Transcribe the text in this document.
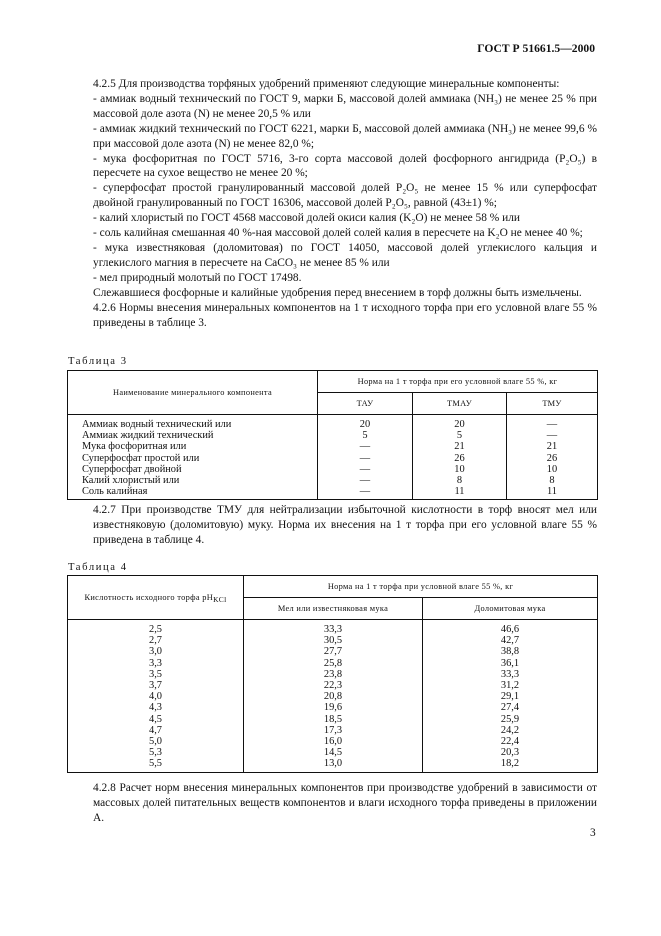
ГОСТ Р 51661.5—2000

4.2.5 Для производства торфяных удобрений применяют следующие минеральные компоненты:

- аммиак водный технический по ГОСТ 9, марки Б, массовой долей аммиака (NH₃) не менее 25 % при массовой доле азота (N) не менее 20,5 % или

- аммиак жидкий технический по ГОСТ 6221, марки Б, массовой долей аммиака (NH₃) не менее 99,6 % при массовой доле азота (N) не менее 82,0 %;

- мука фосфоритная по ГОСТ 5716, 3-го сорта массовой долей фосфорного ангидрида (P₂O₅) в пересчете на сухое вещество не менее 20 %;

- суперфосфат простой гранулированный массовой долей P₂O₅ не менее 15 % или суперфосфат двойной гранулированный по ГОСТ 16306, массовой долей P₂O₅, равной (43±1) %;

- калий хлористый по ГОСТ 4568 массовой долей окиси калия (K₂O) не менее 58 % или

- соль калийная смешанная 40 %-ная массовой долей солей калия в пересчете на K₂O не менее 40 %;

- мука известняковая (доломитовая) по ГОСТ 14050, массовой долей углекислого кальция и углекислого магния в пересчете на CaCO₃ не менее 85 % или

- мел природный молотый по ГОСТ 17498.

Слежавшиеся фосфорные и калийные удобрения перед внесением в торф должны быть измельчены.

4.2.6 Нормы внесения минеральных компонентов на 1 т исходного торфа при его условной влаге 55 % приведены в таблице 3.

Таблица 3
Наименование минерального компонента	Норма на 1 т торфа при его условной влаге 55 %, кг		
	ТАУ	ТМАУ	ТМУ
Аммиак водный технический или	20	20	—
Аммиак жидкий технический	5	5	—
Мука фосфоритная или	—	21	21
Суперфосфат простой или	—	26	26
Суперфосфат двойной	—	10	10
Калий хлористый или	—	8	8
Соль калийная	—	11	11

4.2.7 При производстве ТМУ для нейтрализации избыточной кислотности в торф вносят мел или известняковую (доломитовую) муку. Норма их внесения на 1 т торфа при его условной влаге 55 % приведена в таблице 4.

Таблица 4
Кислотность исходного торфа $pH_{KCl}$	Норма на 1 т торфа при условной влаге 55 %, кг	
	Мел или известняковая мука	Доломитовая мука
2,5	33,3	46,6
2,7	30,5	42,7
3,0	27,7	38,8
3,3	25,8	36,1
3,5	23,8	33,3
3,7	22,3	31,2
4,0	20,8	29,1
4,3	19,6	27,4
4,5	18,5	25,9
4,7	17,3	24,2
5,0	16,0	22,4
5,3	14,5	20,3
5,5	13,0	18,2

4.2.8 Расчет норм внесения минеральных компонентов при производстве удобрений в зависимости от массовых долей питательных веществ компонентов и влаги исходного торфа приведены в приложении А.

3
